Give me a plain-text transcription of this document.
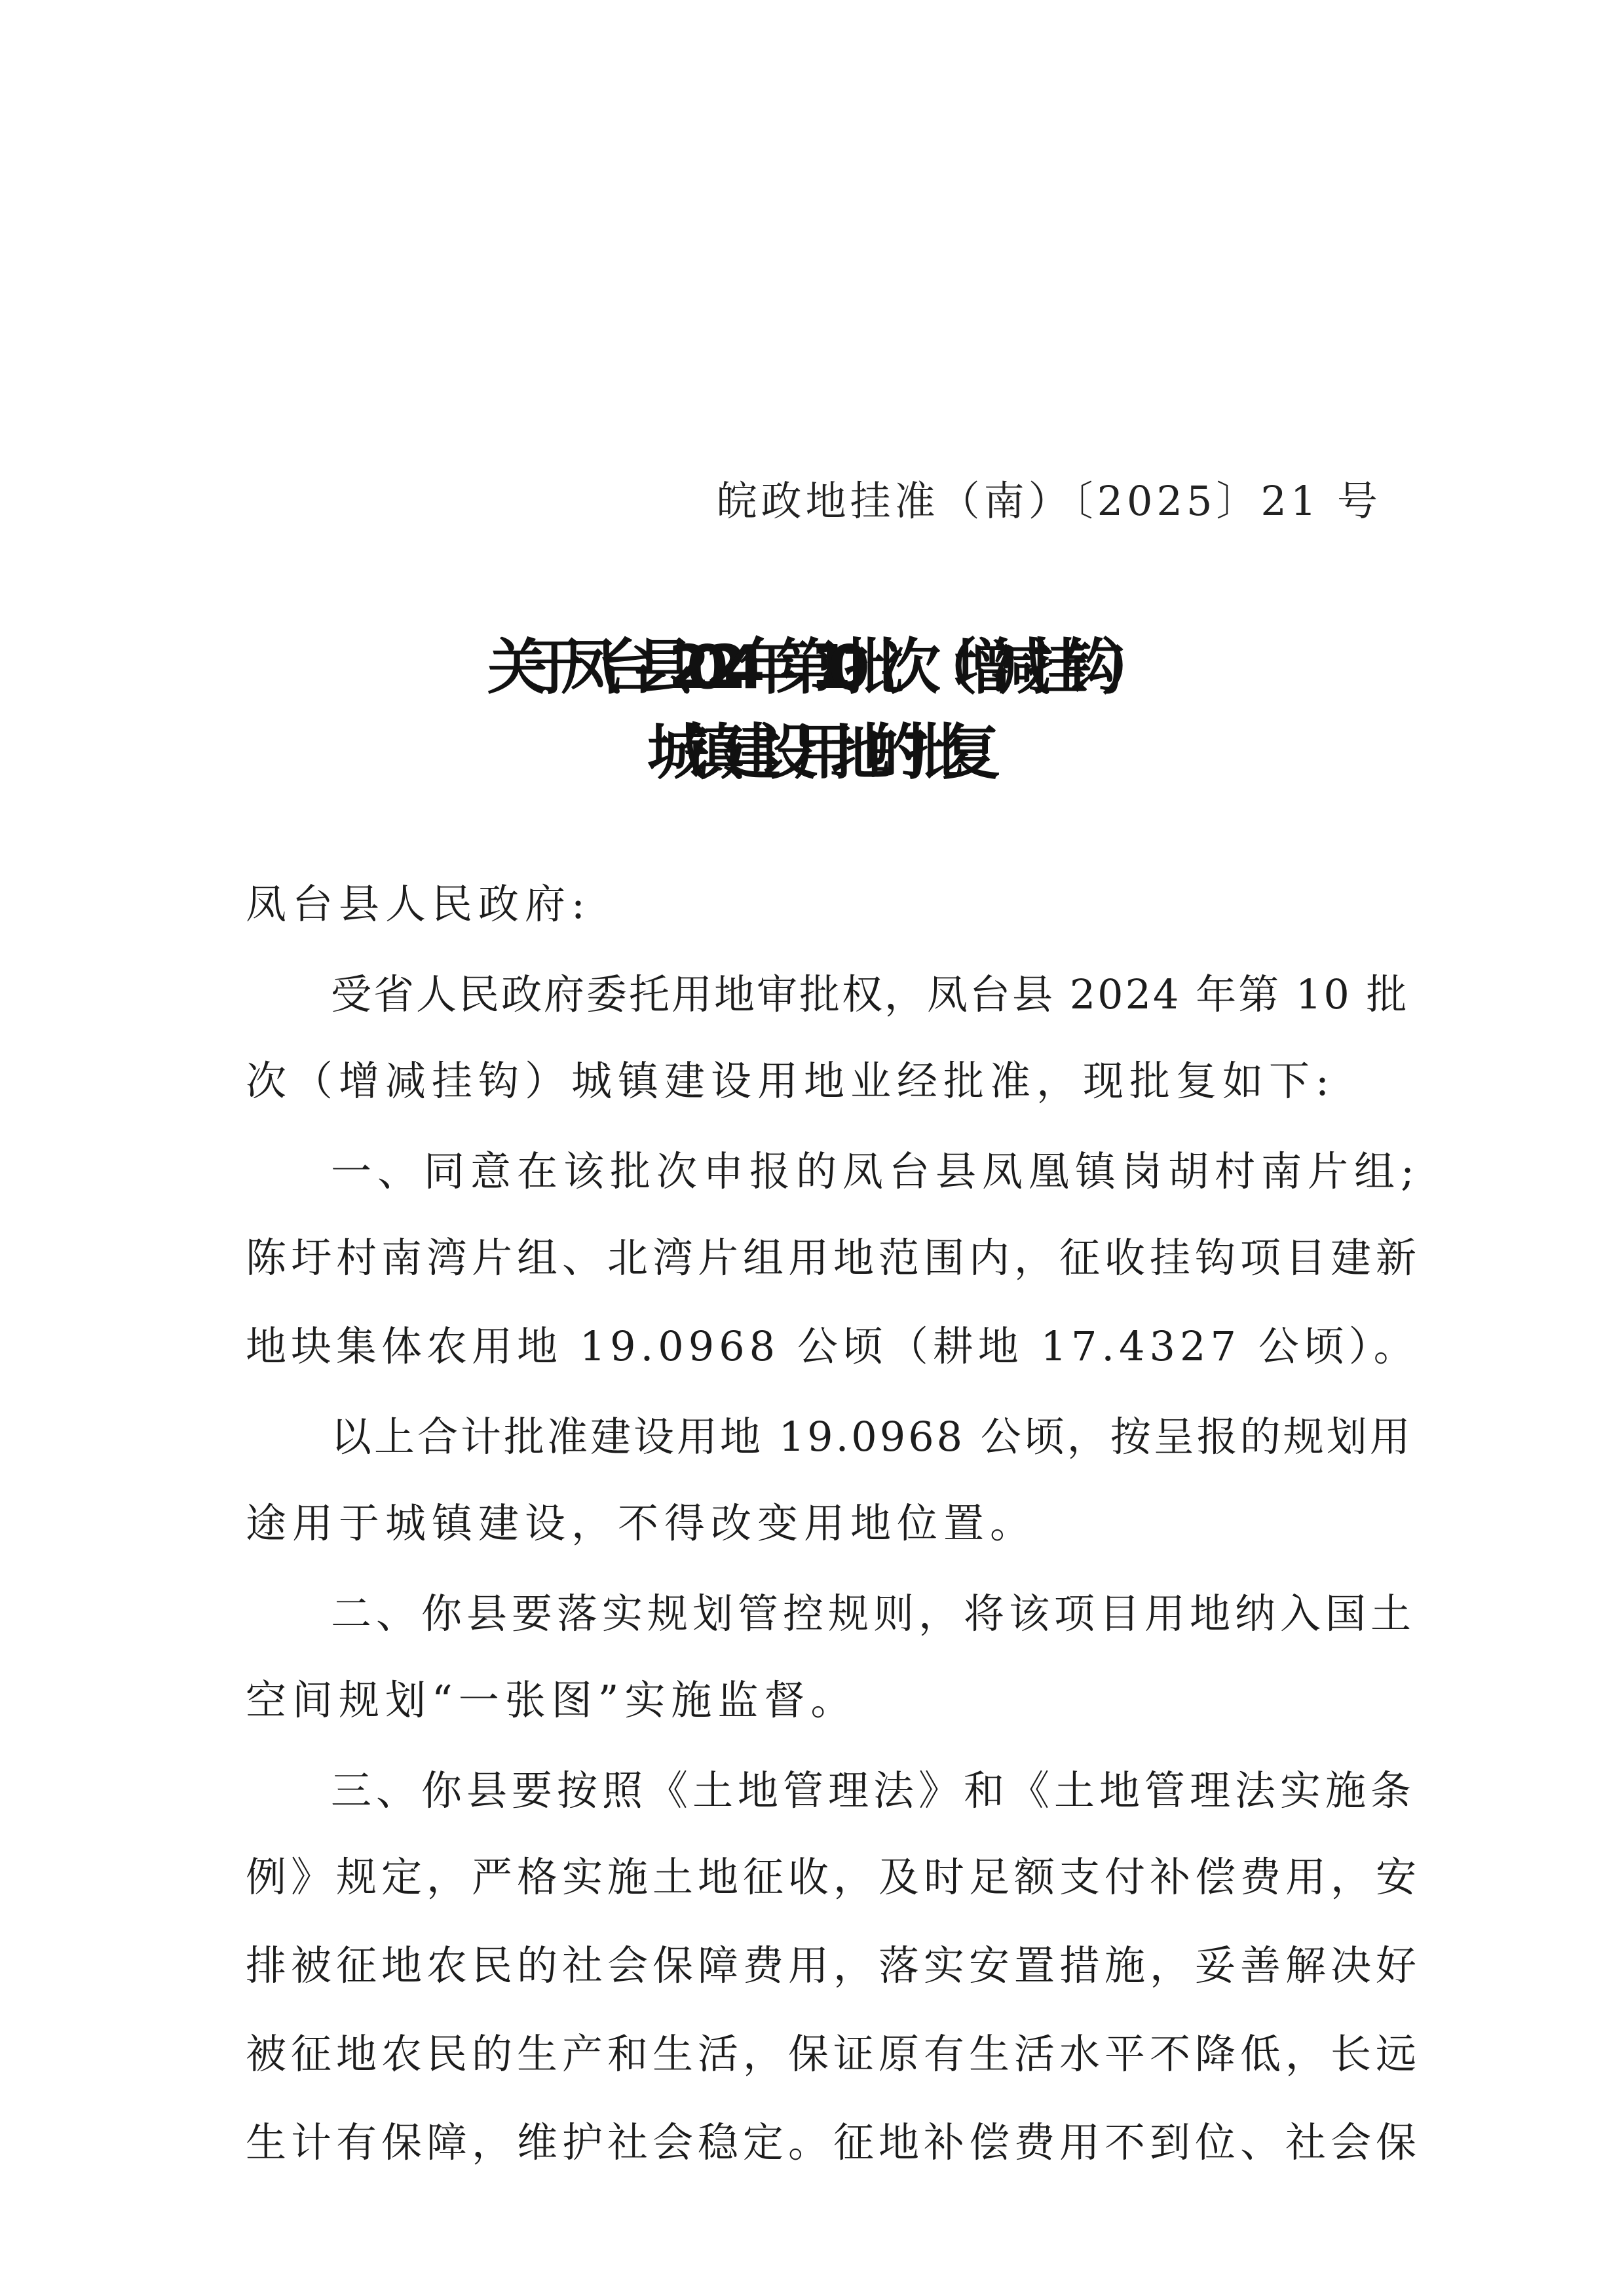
皖政地挂准（南）〔2025〕21 号
关于凤台县 2024 年第 10 批次（增减挂钩）
城镇建设用地的批复
凤台县人民政府:
受省人民政府委托用地审批权，凤台县 2024 年第 10 批
次（增减挂钩）城镇建设用地业经批准，现批复如下:
一、同意在该批次申报的凤台县凤凰镇岗胡村南片组;
陈圩村南湾片组、北湾片组用地范围内，征收挂钩项目建新
地块集体农用地 19.0968 公顷（耕地 17.4327 公顷）。
以上合计批准建设用地 19.0968 公顷，按呈报的规划用
途用于城镇建设，不得改变用地位置。
二、你县要落实规划管控规则，将该项目用地纳入国土
空间规划“一张图”实施监督。
三、你县要按照《土地管理法》和《土地管理法实施条
例》规定，严格实施土地征收，及时足额支付补偿费用，安
排被征地农民的社会保障费用，落实安置措施，妥善解决好
被征地农民的生产和生活，保证原有生活水平不降低，长远
生计有保障，维护社会稳定。征地补偿费用不到位、社会保
